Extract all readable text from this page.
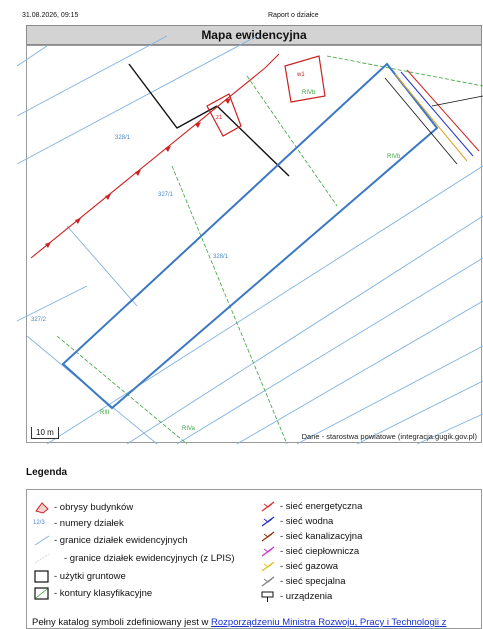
31.08.2026, 09:15	Raport o działce
Mapa ewidencyjna
328/1
327/1
328/1
327/2
RIII
RIVa
RIVb
RIVb
w1
z1
10 m	Dane - starostwa powiatowe (integracja.gugik.gov.pl)
Legenda
- obrysy budynków
12/3 - numery działek
- granice działek ewidencyjnych
- granice działek ewidencyjnych (z LPIS)
- użytki gruntowe
- kontury klasyfikacyjne
- sieć energetyczna
- sieć wodna
- sieć kanalizacyjna
- sieć ciepłownicza
- sieć gazowa
- sieć specjalna
- urządzenia
Pełny katalog symboli zdefiniowany jest w Rozporządzeniu Ministra Rozwoju, Pracy i Technologii z
